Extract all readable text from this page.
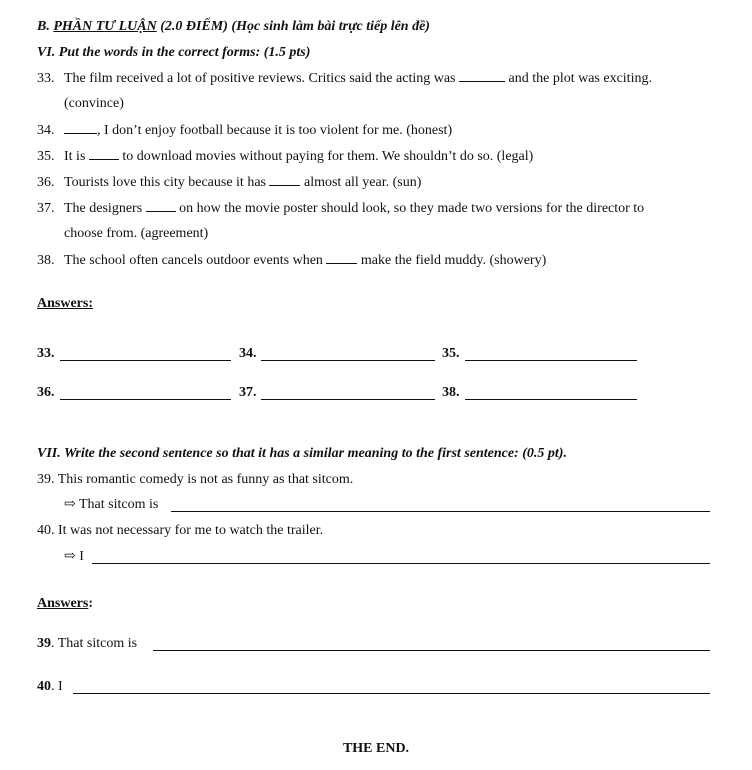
B. PHẦN TƯ LUẬN (2.0 ĐIỂM) (Học sinh làm bài trực tiếp lên đề)
VI. Put the words in the correct forms: (1.5 pts)
33. The film received a lot of positive reviews. Critics said the acting was	and the plot was exciting.
(convince)
34.	, I don’t enjoy football because it is too violent for me. (honest)
35. It is  to download movies without paying for them. We shouldn’t do so. (legal)
36. Tourists love this city because it has  almost all year. (sun)
37. The designers  on how the movie poster should look, so they made two versions for the director to
choose from. (agreement)
38. The school often cancels outdoor events when  make the field muddy. (showery)
Answers:
33.	34.	35.
36.	37.	38.
VII. Write the second sentence so that it has a similar meaning to the first sentence: (0.5 pt).
39. This romantic comedy is not as funny as that sitcom.
⇨ That sitcom is
40. It was not necessary for me to watch the trailer.
⇨ I
Answers:
39. That sitcom is
40. I
THE END.
